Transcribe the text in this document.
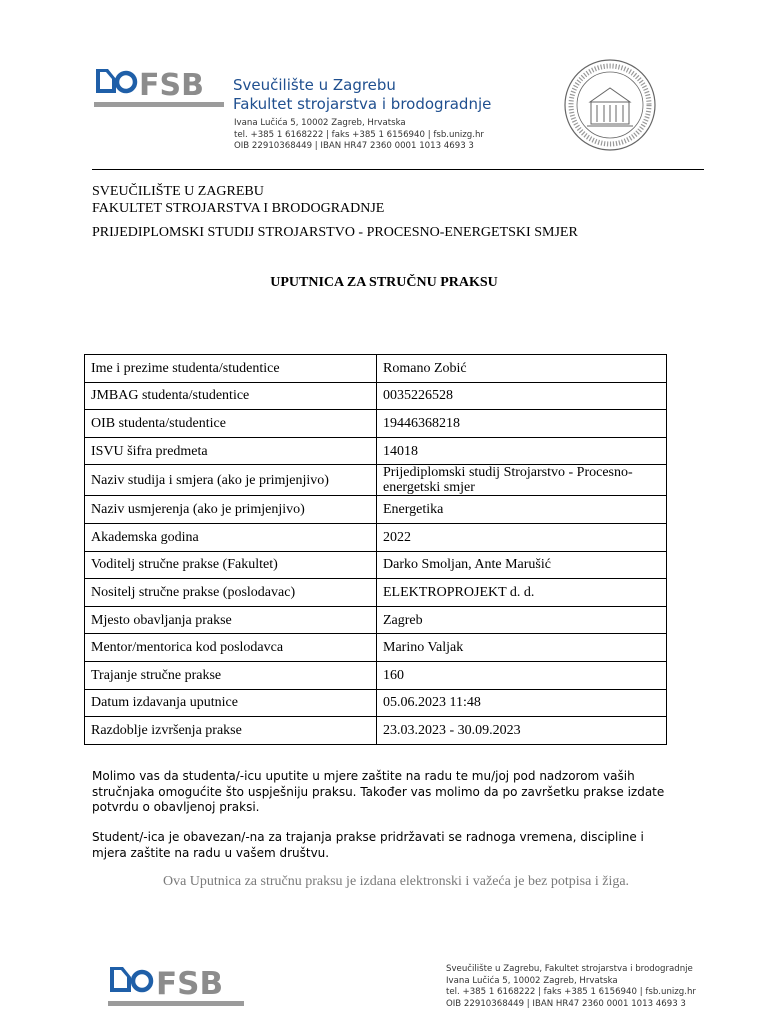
FSB Sveučilište u Zagrebu
Fakultet strojarstva i brodogradnje
Ivana Lučića 5, 10002 Zagreb, Hrvatska
tel. +385 1 6168222 | faks +385 1 6156940 | fsb.unizg.hr
OIB 22910368449 | IBAN HR47 2360 0001 1013 4693 3
SVEUČILIŠTE U ZAGREBU
FAKULTET STROJARSTVA I BRODOGRADNJE
PRIJEDIPLOMSKI STUDIJ STROJARSTVO - PROCESNO-ENERGETSKI SMJER
UPUTNICA ZA STRUČNU PRAKSU
Ime i prezime studenta/studentice	Romano Zobić
JMBAG studenta/studentice	0035226528
OIB studenta/studentice	19446368218
ISVU šifra predmeta	14018
Naziv studija i smjera (ako je primjenjivo)	Prijediplomski studij Strojarstvo - Procesno-energetski smjer
Naziv usmjerenja (ako je primjenjivo)	Energetika
Akademska godina	2022
Voditelj stručne prakse (Fakultet)	Darko Smoljan, Ante Marušić
Nositelj stručne prakse (poslodavac)	ELEKTROPROJEKT d. d.
Mjesto obavljanja prakse	Zagreb
Mentor/mentorica kod poslodavca	Marino Valjak
Trajanje stručne prakse	160
Datum izdavanja uputnice	05.06.2023 11:48
Razdoblje izvršenja prakse	23.03.2023 - 30.09.2023
Molimo vas da studenta/-icu uputite u mjere zaštite na radu te mu/joj pod nadzorom vaših stručnjaka omogućite što uspješniju praksu. Također vas molimo da po završetku prakse izdate potvrdu o obavljenoj praksi.
Student/-ica je obavezan/-na za trajanja prakse pridržavati se radnoga vremena, discipline i mjera zaštite na radu u vašem društvu.
Ova Uputnica za stručnu praksu je izdana elektronski i važeća je bez potpisa i žiga.
FSB	Sveučilište u Zagrebu, Fakultet strojarstva i brodogradnje
Ivana Lučića 5, 10002 Zagreb, Hrvatska
tel. +385 1 6168222 | faks +385 1 6156940 | fsb.unizg.hr
OIB 22910368449 | IBAN HR47 2360 0001 1013 4693 3
